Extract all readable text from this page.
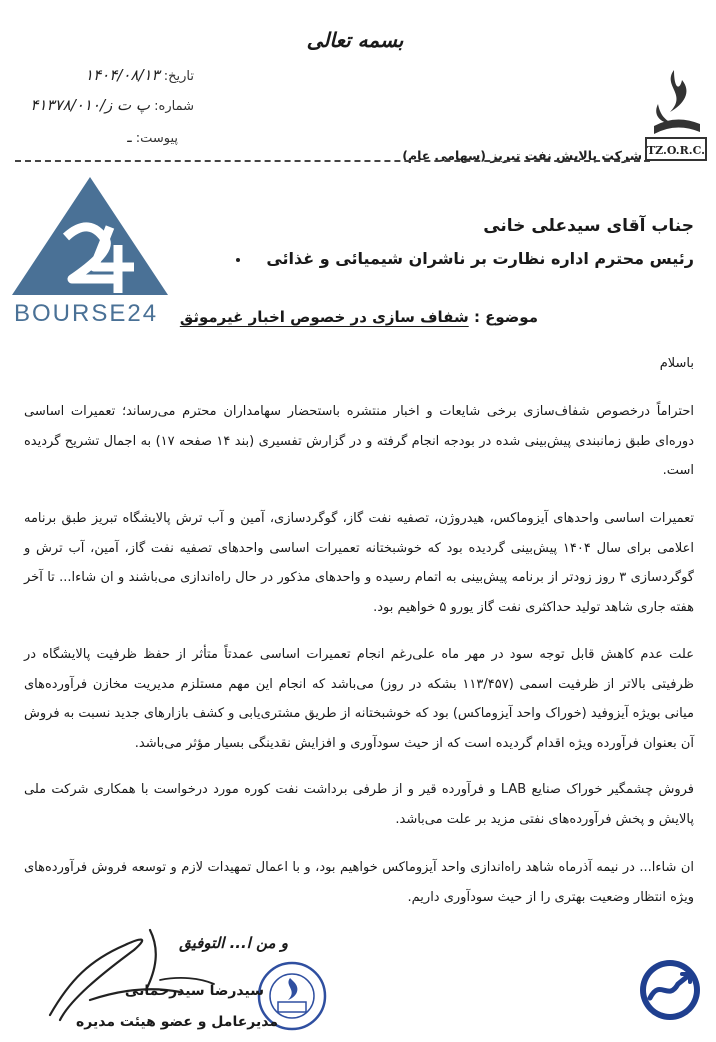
بسمه تعالی
تاریخ: ۱۴۰۴/۰۸/۱۳
شماره: پ ت ز/۴۱۳۷۸/۰۱۰
پیوست: ـ
شرکت پالایش نفت تبریز (سهامی عام) TZ.O.R.C.
BOURSE24
جناب آقای سیدعلی خانی
رئیس محترم اداره نظارت بر ناشران شیمیائی و غذائی
موضوع : شفاف سازی در خصوص اخبار غیرموثق
باسلام
احتراماً درخصوص شفاف‌سازی برخی شایعات و اخبار منتشره باستحضار سهامداران محترم می‌رساند؛ تعمیرات اساسی دوره‌ای طبق زمانبندی پیش‌بینی شده در بودجه انجام گرفته و در گزارش تفسیری (بند ۱۴ صفحه ۱۷) به اجمال تشریح گردیده است.
تعمیرات اساسی واحدهای آیزوماکس، هیدروژن، تصفیه نفت گاز، گوگردسازی، آمین و آب ترش پالایشگاه تبریز طبق برنامه اعلامی برای سال ۱۴۰۴ پیش‌بینی گردیده بود که خوشبختانه تعمیرات اساسی واحدهای تصفیه نفت گاز، آمین، آب ترش و گوگردسازی ۳ روز زودتر از برنامه پیش‌بینی به اتمام رسیده و واحدهای مذکور در حال راه‌اندازی می‌باشند و ان شاءا... تا آخر هفته جاری شاهد تولید حداکثری نفت گاز یورو ۵ خواهیم بود.
علت عدم کاهش قابل توجه سود در مهر ماه علی‌رغم انجام تعمیرات اساسی عمدتاً متأثر از حفظ ظرفیت پالایشگاه در ظرفیتی بالاتر از ظرفیت اسمی (۱۱۳/۴۵۷ بشکه در روز) می‌باشد که انجام این مهم مستلزم مدیریت مخازن فرآورده‌های میانی بویژه آیزوفید (خوراک واحد آیزوماکس) بود که خوشبختانه از طریق مشتری‌یابی و کشف بازارهای جدید نسبت به فروش آن بعنوان فرآورده ویژه اقدام گردیده است که از حیث سودآوری و افزایش نقدینگی بسیار مؤثر می‌باشد.
فروش چشمگیر خوراک صنایع LAB و فرآورده قیر و از طرفی برداشت نفت کوره مورد درخواست با همکاری شرکت ملی پالایش و پخش فرآورده‌های نفتی مزید بر علت می‌باشد.
ان شاءا... در نیمه آذرماه شاهد راه‌اندازی واحد آیزوماکس خواهیم بود، و با اعمال تمهیدات لازم و توسعه فروش فرآورده‌های ویژه انتظار وضعیت بهتری را از حیث سودآوری داریم.
و من ا... التوفیق
سیدرضا سیدرحمانی
مدیرعامل و عضو هیئت مدیره
